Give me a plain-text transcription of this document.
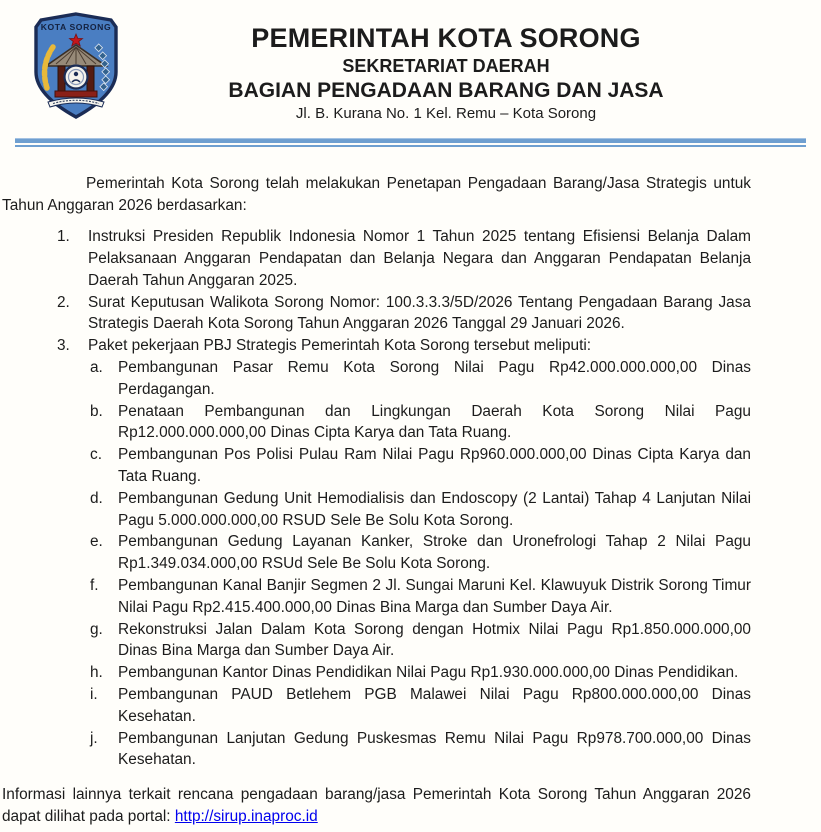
KOTA SORONG	PEMERINTAH KOTA SORONG
SEKRETARIAT DAERAH
BAGIAN PENGADAAN BARANG DAN JASA
Jl. B. Kurana No. 1 Kel. Remu – Kota Sorong

Pemerintah Kota Sorong telah melakukan Penetapan Pengadaan Barang/Jasa Strategis untuk Tahun Anggaran 2026 berdasarkan:

1. Instruksi Presiden Republik Indonesia Nomor 1 Tahun 2025 tentang Efisiensi Belanja Dalam Pelaksanaan Anggaran Pendapatan dan Belanja Negara dan Anggaran Pendapatan Belanja Daerah Tahun Anggaran 2025.
2. Surat Keputusan Walikota Sorong Nomor: 100.3.3.3/5D/2026 Tentang Pengadaan Barang Jasa Strategis Daerah Kota Sorong Tahun Anggaran 2026 Tanggal 29 Januari 2026.
3. Paket pekerjaan PBJ Strategis Pemerintah Kota Sorong tersebut meliputi:
a. Pembangunan Pasar Remu Kota Sorong Nilai Pagu Rp42.000.000.000,00 Dinas Perdagangan.
b. Penataan Pembangunan dan Lingkungan Daerah Kota Sorong Nilai Pagu Rp12.000.000.000,00 Dinas Cipta Karya dan Tata Ruang.
c. Pembangunan Pos Polisi Pulau Ram Nilai Pagu Rp960.000.000,00 Dinas Cipta Karya dan Tata Ruang.
d. Pembangunan Gedung Unit Hemodialisis dan Endoscopy (2 Lantai) Tahap 4 Lanjutan Nilai Pagu 5.000.000.000,00 RSUD Sele Be Solu Kota Sorong.
e. Pembangunan Gedung Layanan Kanker, Stroke dan Uronefrologi Tahap 2 Nilai Pagu Rp1.349.034.000,00 RSUd Sele Be Solu Kota Sorong.
f. Pembangunan Kanal Banjir Segmen 2 Jl. Sungai Maruni Kel. Klawuyuk Distrik Sorong Timur Nilai Pagu Rp2.415.400.000,00 Dinas Bina Marga dan Sumber Daya Air.
g. Rekonstruksi Jalan Dalam Kota Sorong dengan Hotmix Nilai Pagu Rp1.850.000.000,00 Dinas Bina Marga dan Sumber Daya Air.
h. Pembangunan Kantor Dinas Pendidikan Nilai Pagu Rp1.930.000.000,00 Dinas Pendidikan.
i. Pembangunan PAUD Betlehem PGB Malawei Nilai Pagu Rp800.000.000,00 Dinas Kesehatan.
j. Pembangunan Lanjutan Gedung Puskesmas Remu Nilai Pagu Rp978.700.000,00 Dinas Kesehatan.

Informasi lainnya terkait rencana pengadaan barang/jasa Pemerintah Kota Sorong Tahun Anggaran 2026 dapat dilihat pada portal: http://sirup.inaproc.id
